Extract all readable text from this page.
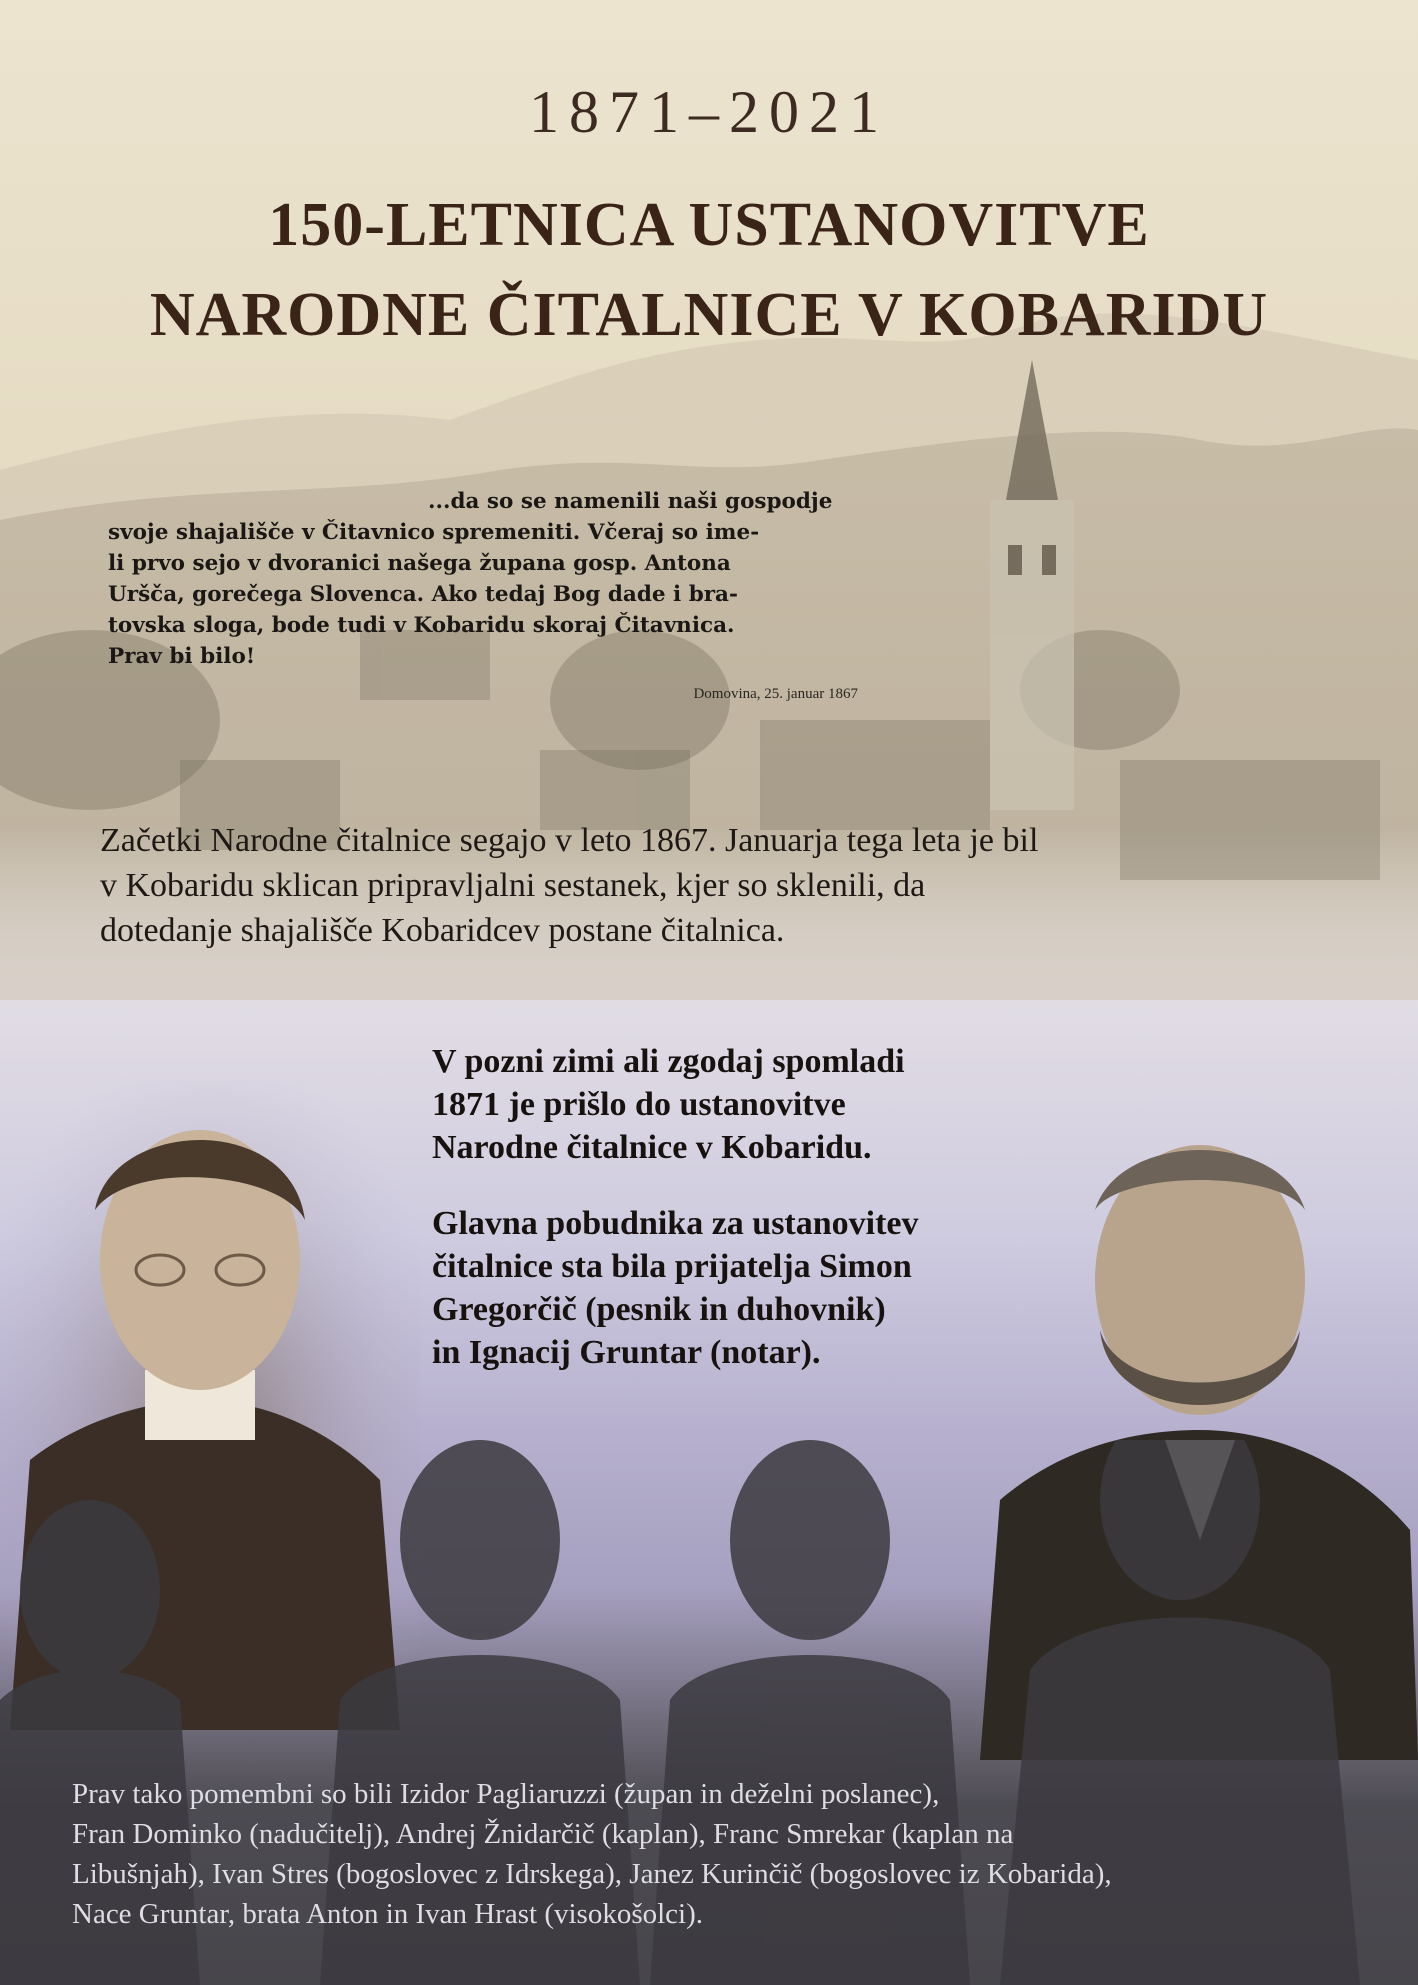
1871–2021
150-LETNICA USTANOVITVE
NARODNE ČITALNICE V KOBARIDU
...da so se namenili naši gospodje
svoje shajališče v Čitavnico spremeniti. Včeraj so ime-
li prvo sejo v dvoranici našega župana gosp. Antona
Uršča, gorečega Slovenca. Ako tedaj Bog dade i bra-
tovska sloga, bode tudi v Kobaridu skoraj Čitavnica.
Prav bi bilo!
Domovina, 25. januar 1867
Začetki Narodne čitalnice segajo v leto 1867. Januarja tega leta je bil
v Kobaridu sklican pripravljalni sestanek, kjer so sklenili, da
dotedanje shajališče Kobaridcev postane čitalnica.
V pozni zimi ali zgodaj spomladi
1871 je prišlo do ustanovitve
Narodne čitalnice v Kobaridu.
Glavna pobudnika za ustanovitev
čitalnice sta bila prijatelja Simon
Gregorčič (pesnik in duhovnik)
in Ignacij Gruntar (notar).
Prav tako pomembni so bili Izidor Pagliaruzzi (župan in deželni poslanec),
Fran Dominko (nadučitelj), Andrej Žnidarčič (kaplan), Franc Smrekar (kaplan na
Libušnjah), Ivan Stres (bogoslovec z Idrskega), Janez Kurinčič (bogoslovec iz Kobarida),
Nace Gruntar, brata Anton in Ivan Hrast (visokošolci).
